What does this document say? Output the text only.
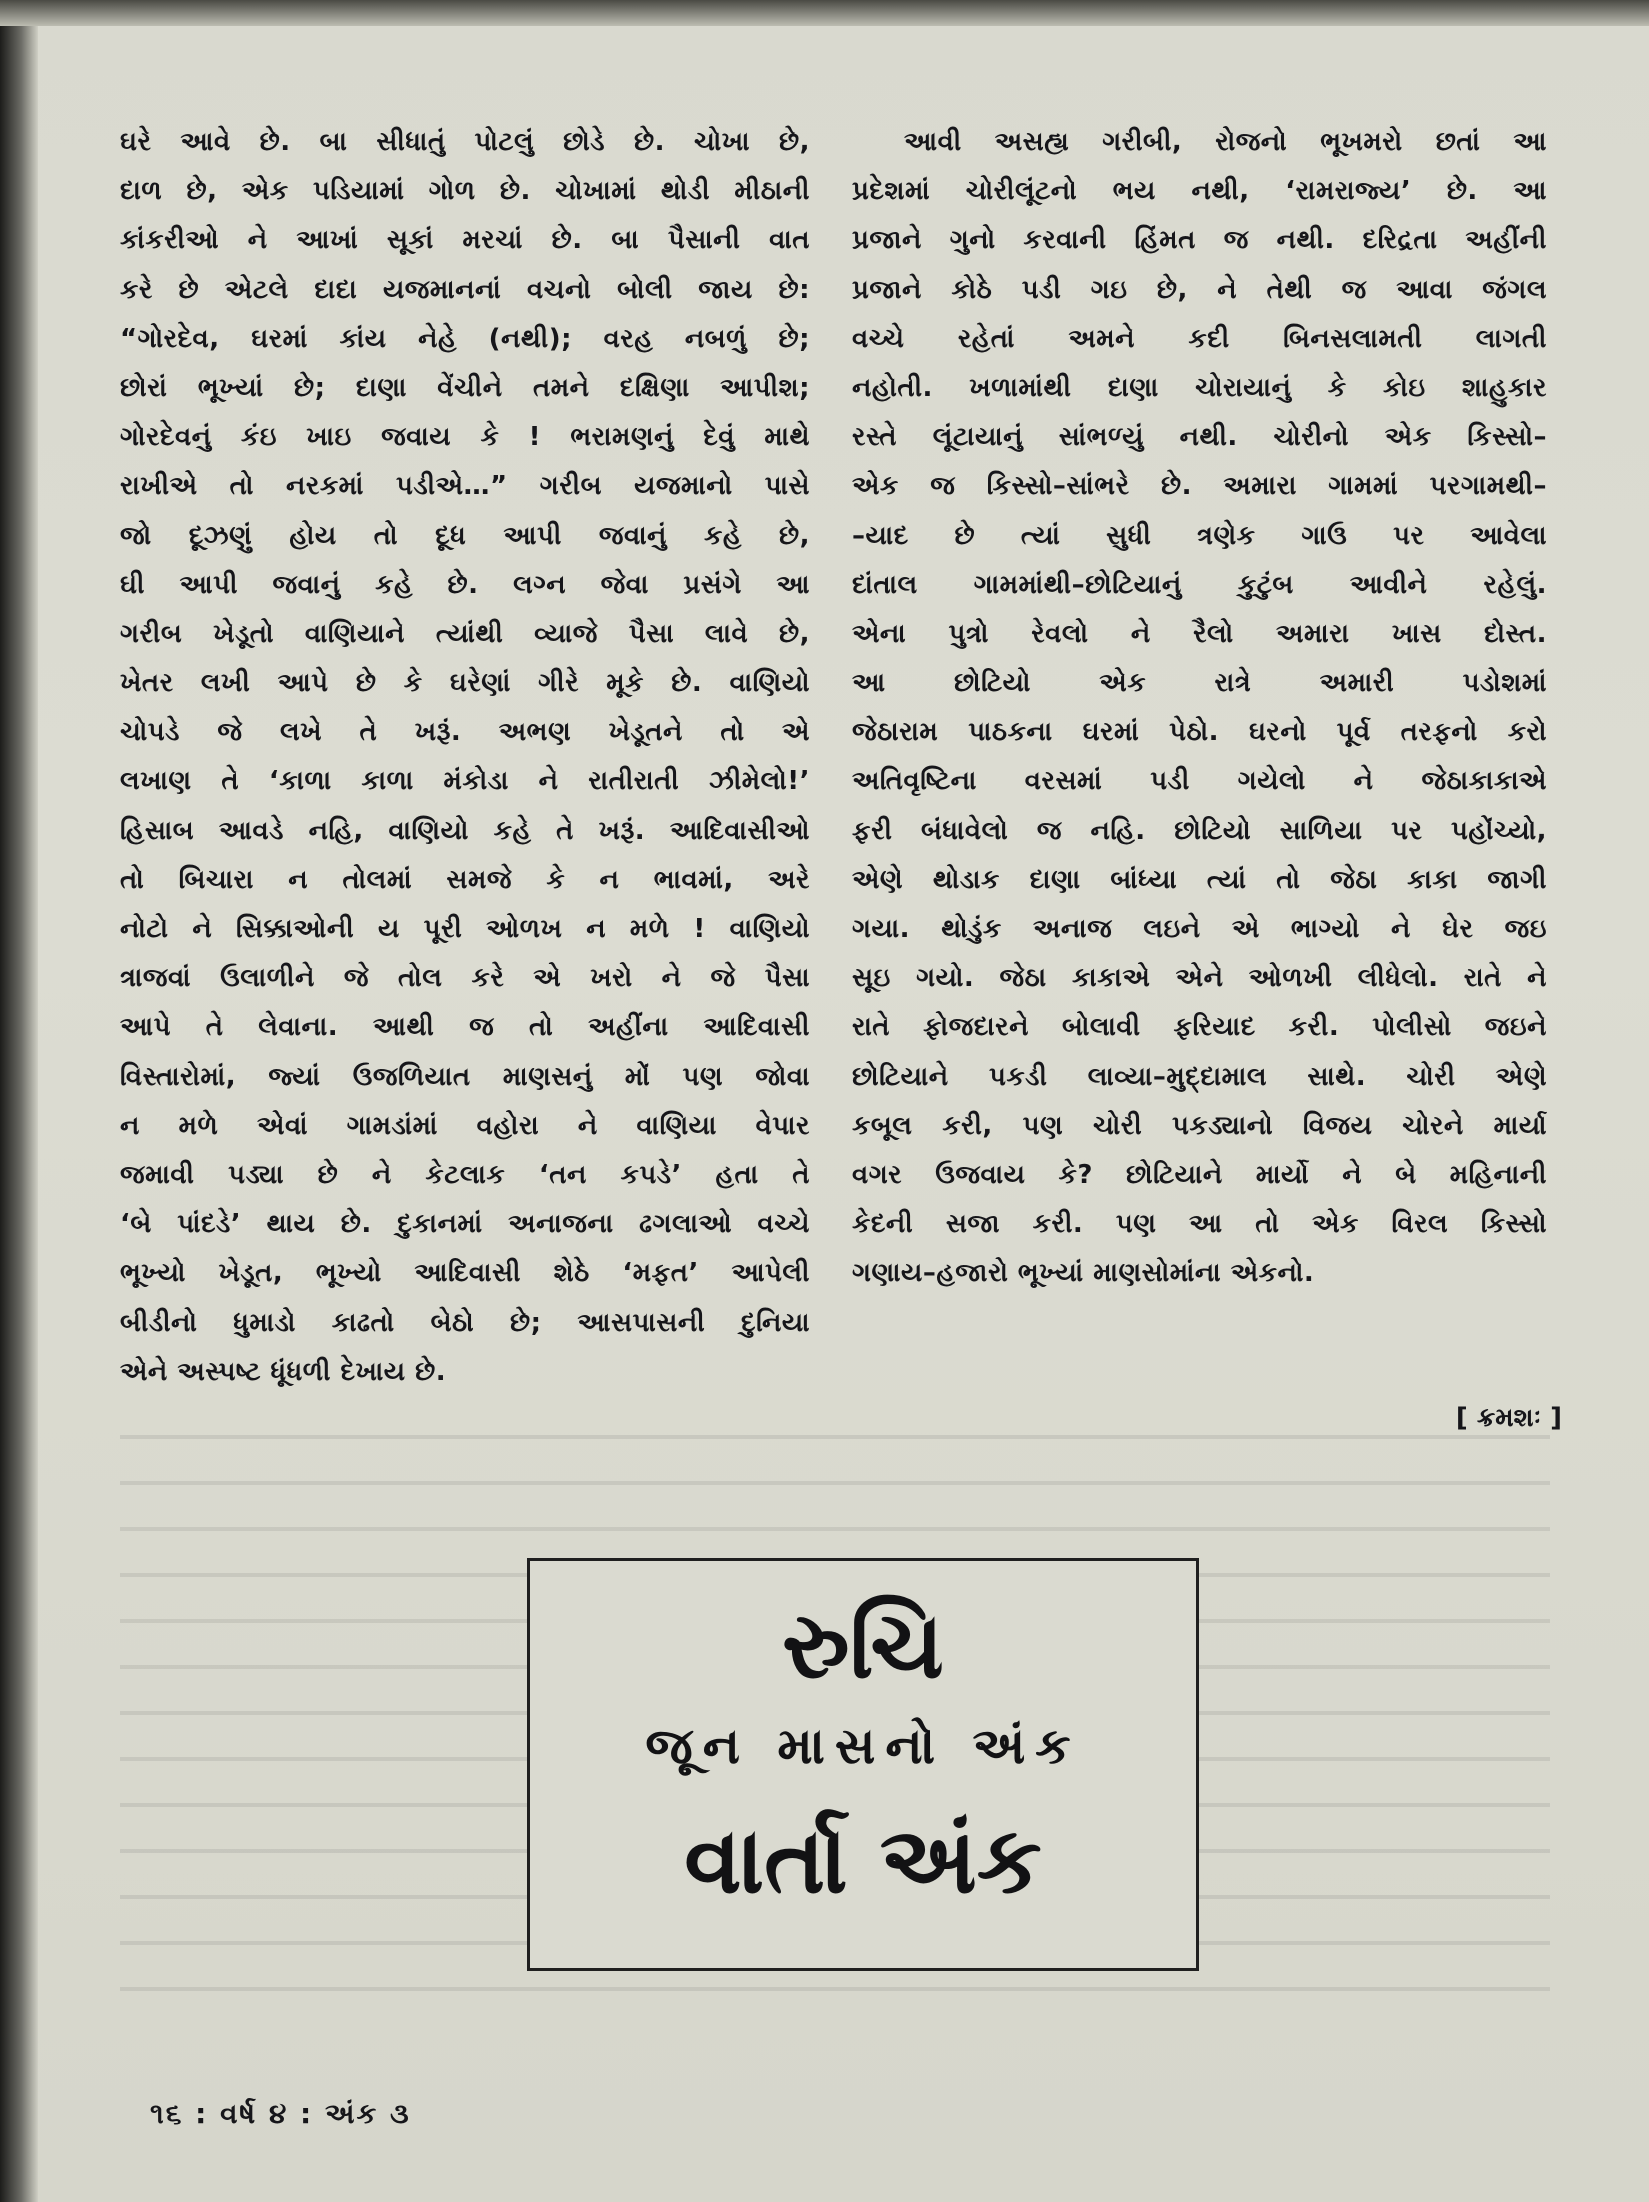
ઘરે આવે છે. બા સીધાતું પોટલું છોડે છે. ચોખા છે,
દાળ છે, એક પડિયામાં ગોળ છે. ચોખામાં થોડી મીઠાની
કાંકરીઓ ને આખાં સૂકાં મરચાં છે. બા પૈસાની વાત
કરે છે એટલે દાદા યજમાનનાં વચનો બોલી જાય છે:
“ગોરદેવ, ઘરમાં કાંય નેહે (નથી); વરહ નબળું છે;
છોરાં ભૂખ્યાં છે; દાણા વેંચીને તમને દક્ષિણા આપીશ;
ગોરદેવનું કંઇ ખાઇ જવાય કે ! ભરામણનું દેવું માથે
રાખીએ તો નરકમાં પડીએ…” ગરીબ યજમાનો પાસે
જો દૂઝણું હોય તો દૂધ આપી જવાનું કહે છે,
ઘી આપી જવાનું કહે છે. લગ્ન જેવા પ્રસંગે આ
ગરીબ ખેડૂતો વાણિયાને ત્યાંથી વ્યાજે પૈસા લાવે છે,
ખેતર લખી આપે છે કે ઘરેણાં ગીરે મૂકે છે. વાણિયો
ચોપડે જે લખે તે ખરૂં. અભણ ખેડૂતને તો એ
લખાણ તે ‘કાળા કાળા મંકોડા ને રાતીરાતી ઝીમેલો!’
હિસાબ આવડે નહિ, વાણિયો કહે તે ખરૂં. આદિવાસીઓ
તો બિચારા ન તોલમાં સમજે કે ન ભાવમાં, અરે
નોટો ને સિક્કાઓની ય પૂરી ઓળખ ન મળે ! વાણિયો
ત્રાજવાં ઉલાળીને જે તોલ કરે એ ખરો ને જે પૈસા
આપે તે લેવાના. આથી જ તો અહીંના આદિવાસી
વિસ્તારોમાં, જ્યાં ઉજળિયાત માણસનું મોં પણ જોવા
ન મળે એવાં ગામડાંમાં વહોરા ને વાણિયા વેપાર
જમાવી પડ્યા છે ને કેટલાક ‘તન કપડે’ હતા તે
‘બે પાંદડે’ થાય છે. દુકાનમાં અનાજના ઢગલાઓ વચ્ચે
ભૂખ્યો ખેડૂત, ભૂખ્યો આદિવાસી શેઠે ‘મફત’ આપેલી
બીડીનો ધુમાડો કાઢતો બેઠો છે; આસપાસની દુનિયા
એને અસ્પષ્ટ ધૂંધળી દેખાય છે.
આવી અસહ્ય ગરીબી, રોજનો ભૂખમરો છતાં આ
પ્રદેશમાં ચોરીલૂંટનો ભય નથી, ‘રામરાજ્ય’ છે. આ
પ્રજાને ગુનો કરવાની હિંમત જ નથી. દરિદ્રતા અહીંની
પ્રજાને કોઠે પડી ગઇ છે, ને તેથી જ આવા જંગલ
વચ્ચે રહેતાં અમને કદી બિનસલામતી લાગતી
નહોતી. ખળામાંથી દાણા ચોરાયાનું કે કોઇ શાહુકાર
રસ્તે લૂંટાયાનું સાંભળ્યું નથી. ચોરીનો એક કિસ્સો–
એક જ કિસ્સો–સાંભરે છે. અમારા ગામમાં પરગામથી–
–યાદ છે ત્યાં સુધી ત્રણેક ગાઉ પર આવેલા
દાંતાલ ગામમાંથી–છોટિયાનું કુટુંબ આવીને રહેલું.
એના પુત્રો રેવલો ને રૈલો અમારા ખાસ દોસ્ત.
આ છોટિયો એક રાત્રે અમારી પડોશમાં
જેઠારામ પાઠકના ઘરમાં પેઠો. ઘરનો પૂર્વ તરફનો કરો
અતિવૃષ્ટિના વરસમાં પડી ગયેલો ને જેઠાકાકાએ
ફરી બંધાવેલો જ નહિ. છોટિયો સાળિયા પર પહોંચ્યો,
એણે થોડાક દાણા બાંધ્યા ત્યાં તો જેઠા કાકા જાગી
ગયા. થોડુંક અનાજ લઇને એ ભાગ્યો ને ઘેર જઇ
સૂઇ ગયો. જેઠા કાકાએ એને ઓળખી લીધેલો. રાતે ને
રાતે ફોજદારને બોલાવી ફરિયાદ કરી. પોલીસો જઇને
છોટિયાને પકડી લાવ્યા–મુદ્દામાલ સાથે. ચોરી એણે
કબૂલ કરી, પણ ચોરી પકડ્યાનો વિજય ચોરને માર્યા
વગર ઉજવાય કે? છોટિયાને માર્યો ને બે મહિનાની
કેદની સજા કરી. પણ આ તો એક વિરલ કિસ્સો
ગણાય–હજારો ભૂખ્યાં માણસોમાંના એકનો.
[ ક્રમશઃ ]
રુચિ
જૂન માસનો અંક
વાર્તા અંક
૧૬ : વર્ષ ૪ : અંક ૩
